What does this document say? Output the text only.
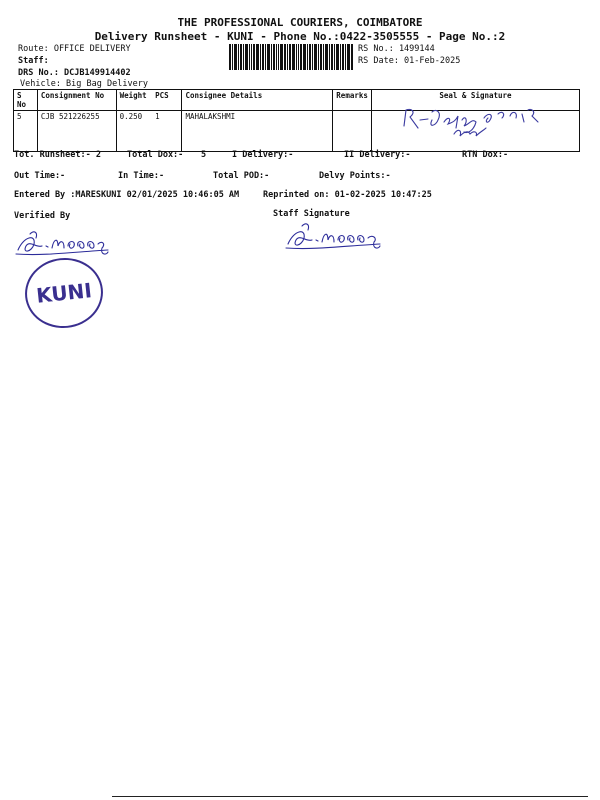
THE PROFESSIONAL COURIERS, COIMBATORE
Delivery Runsheet - KUNI - Phone No.:0422-3505555 - Page No.:2
Route: OFFICE DELIVERY
Staff:
DRS No.: DCJB149914402
Vehicle: Big Bag Delivery
RS No.: 1499144
RS Date: 01-Feb-2025
S No	Consignment No	Weight	PCS	Consignee Details	Remarks	Seal & Signature
5	CJB 521226255	0.250	1	MAHALAKSHMI		
Tot. Runsheet:- 2	Total Dox:- 5	I Delivery:-	II Delivery:-	RTN Dox:-
Out Time:-	In Time:-	Total POD:-	Delvy Points:-
Entered By :MARESKUNI 02/01/2025 10:46:05 AM	Reprinted on: 01-02-2025 10:47:25
Verified By	Staff Signature
KUNI
